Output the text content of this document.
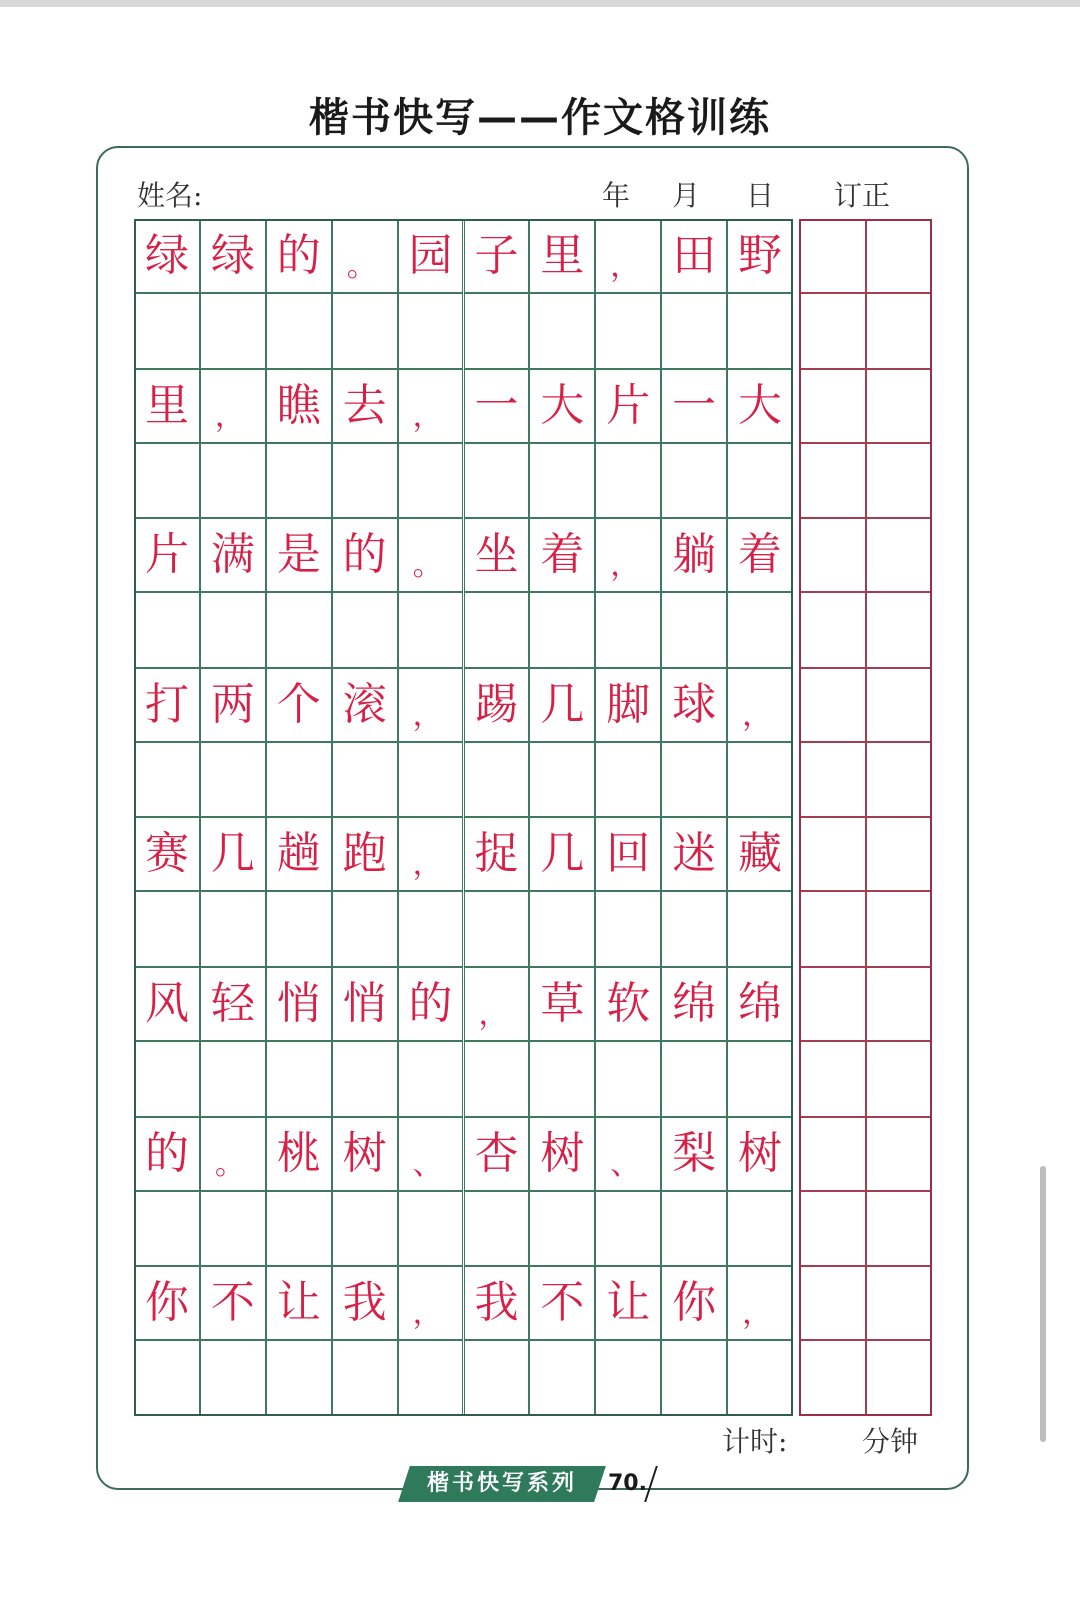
楷书快写——作文格训练
姓名:	年 月 日 订正
绿 绿 的 。 园 子 里 ， 田 野
里 ， 瞧 去 ， 一 大 片 一 大
片 满 是 的 。 坐 着 ， 躺 着
打 两 个 滚 ， 踢 几 脚 球 ，
赛 几 趟 跑 ， 捉 几 回 迷 藏
风 轻 悄 悄 的 ， 草 软 绵 绵
的 。 桃 树 、 杏 树 、 梨 树
你 不 让 我 ， 我 不 让 你 ，
计时:	分钟
楷书快写系列	70.
